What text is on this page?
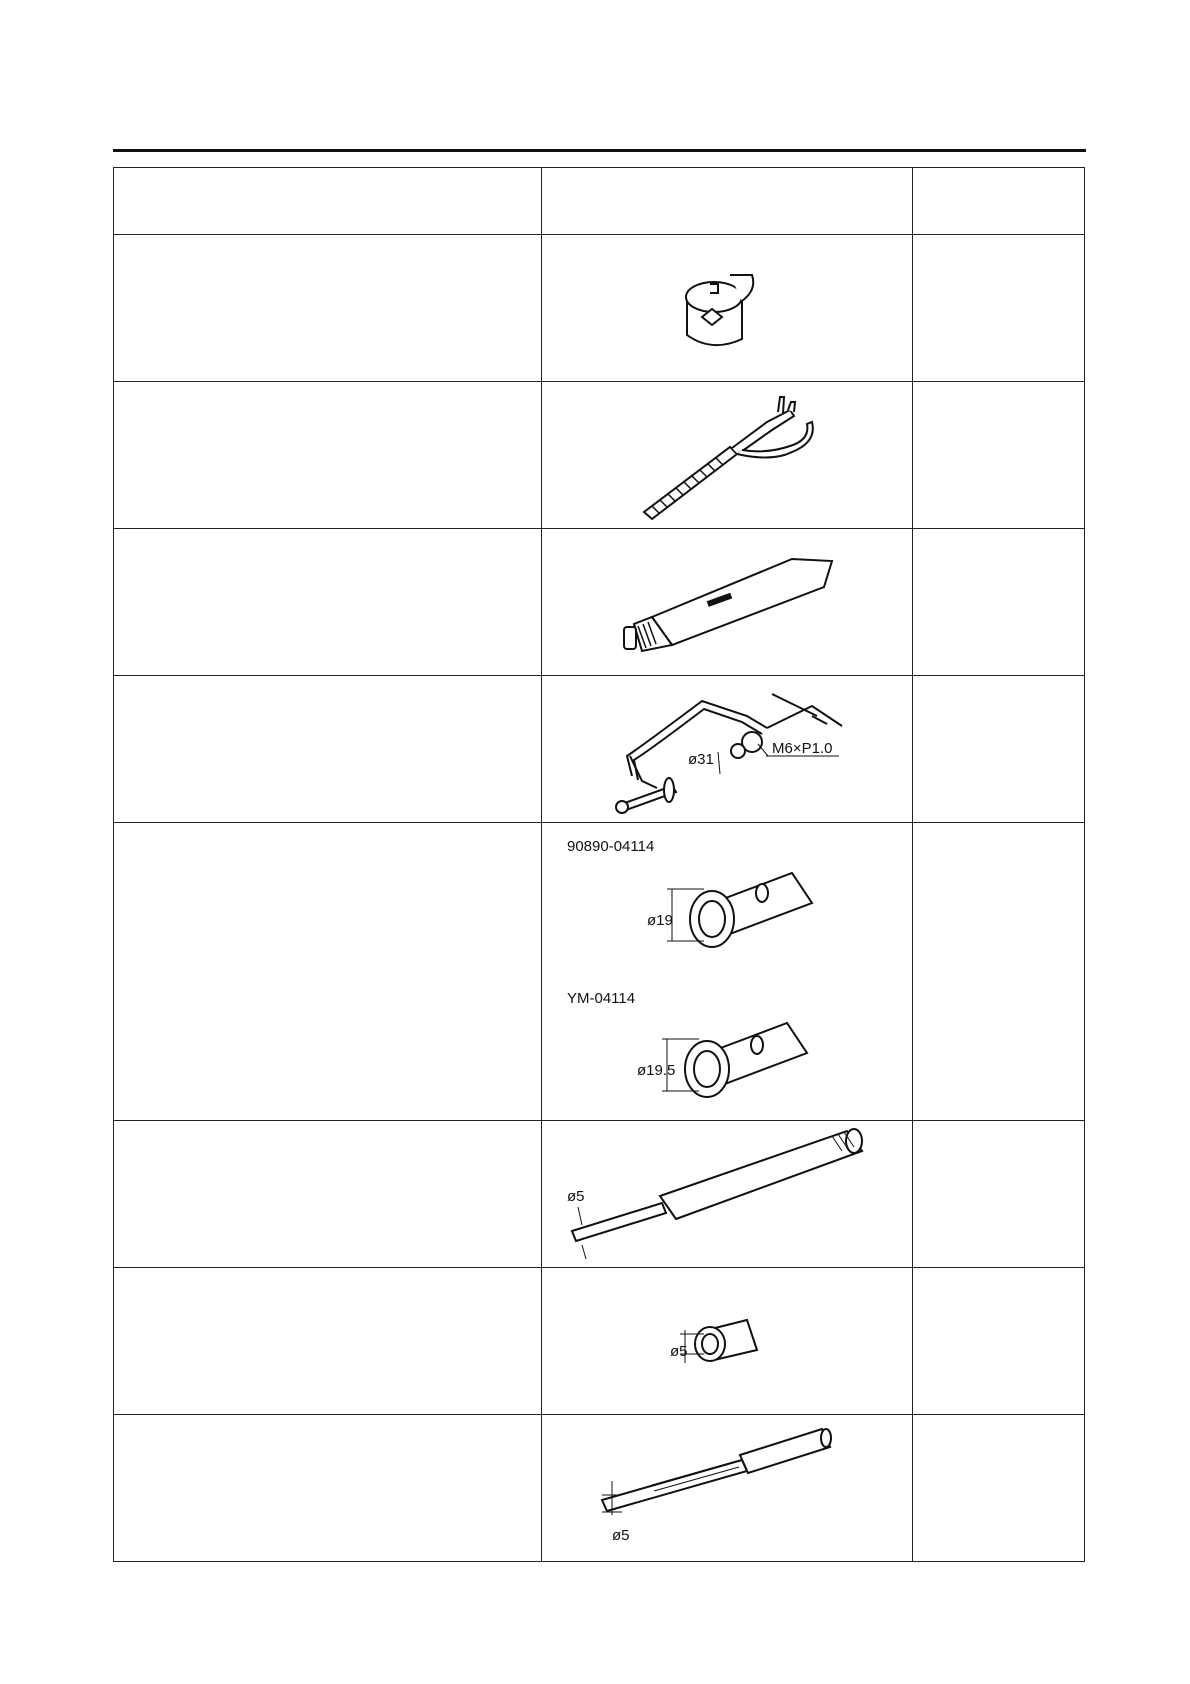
ø31
M6×P1.0	

90890-04114
ø19
YM-04114
ø19.5	

ø5	

ø5	

ø5	
